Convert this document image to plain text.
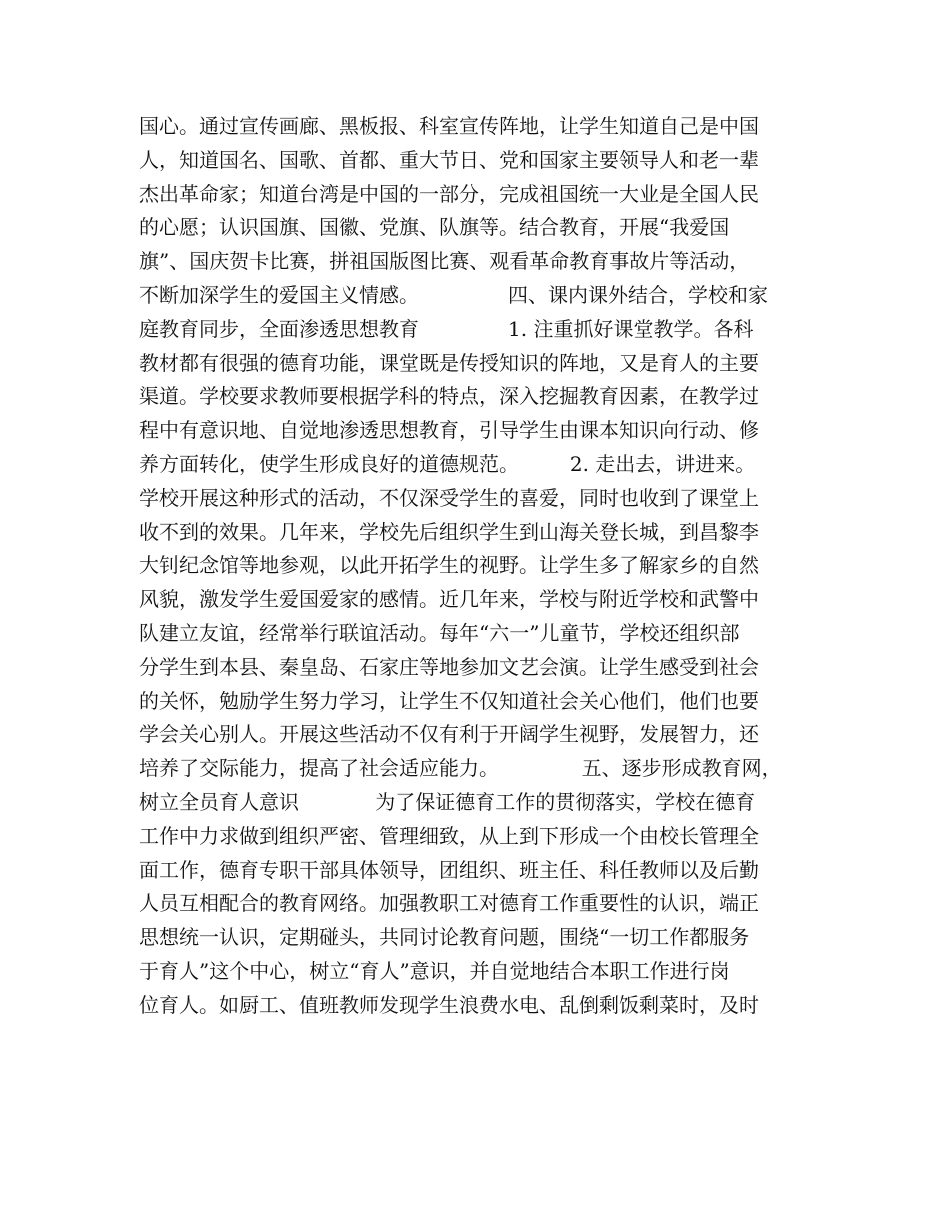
国心。通过宣传画廊、黑板报、科室宣传阵地，让学生知道自己是中国
人，知道国名、国歌、首都、重大节日、党和国家主要领导人和老一辈
杰出革命家；知道台湾是中国的一部分，完成祖国统一大业是全国人民
的心愿；认识国旗、国徽、党旗、队旗等。结合教育，开展“我爱国
旗”、国庆贺卡比赛，拼祖国版图比赛、观看革命教育事故片等活动，
不断加深学生的爱国主义情感。              四、课内课外结合，学校和家
庭教育同步，全面渗透思想教育              1. 注重抓好课堂教学。各科
教材都有很强的德育功能，课堂既是传授知识的阵地，又是育人的主要
渠道。学校要求教师要根据学科的特点，深入挖掘教育因素，在教学过
程中有意识地、自觉地渗透思想教育，引导学生由课本知识向行动、修
养方面转化，使学生形成良好的道德规范。        2. 走出去，讲进来。
学校开展这种形式的活动，不仅深受学生的喜爱，同时也收到了课堂上
收不到的效果。几年来，学校先后组织学生到山海关登长城，到昌黎李
大钊纪念馆等地参观，以此开拓学生的视野。让学生多了解家乡的自然
风貌，激发学生爱国爱家的感情。近几年来，学校与附近学校和武警中
队建立友谊，经常举行联谊活动。每年“六一”儿童节，学校还组织部
分学生到本县、秦皇岛、石家庄等地参加文艺会演。让学生感受到社会
的关怀，勉励学生努力学习，让学生不仅知道社会关心他们，他们也要
学会关心别人。开展这些活动不仅有利于开阔学生视野，发展智力，还
培养了交际能力，提高了社会适应能力。             五、逐步形成教育网，
树立全员育人意识            为了保证德育工作的贯彻落实，学校在德育
工作中力求做到组织严密、管理细致，从上到下形成一个由校长管理全
面工作，德育专职干部具体领导，团组织、班主任、科任教师以及后勤
人员互相配合的教育网络。加强教职工对德育工作重要性的认识，端正
思想统一认识，定期碰头，共同讨论教育问题，围绕“一切工作都服务
于育人”这个中心，树立“育人”意识，并自觉地结合本职工作进行岗
位育人。如厨工、值班教师发现学生浪费水电、乱倒剩饭剩菜时，及时
